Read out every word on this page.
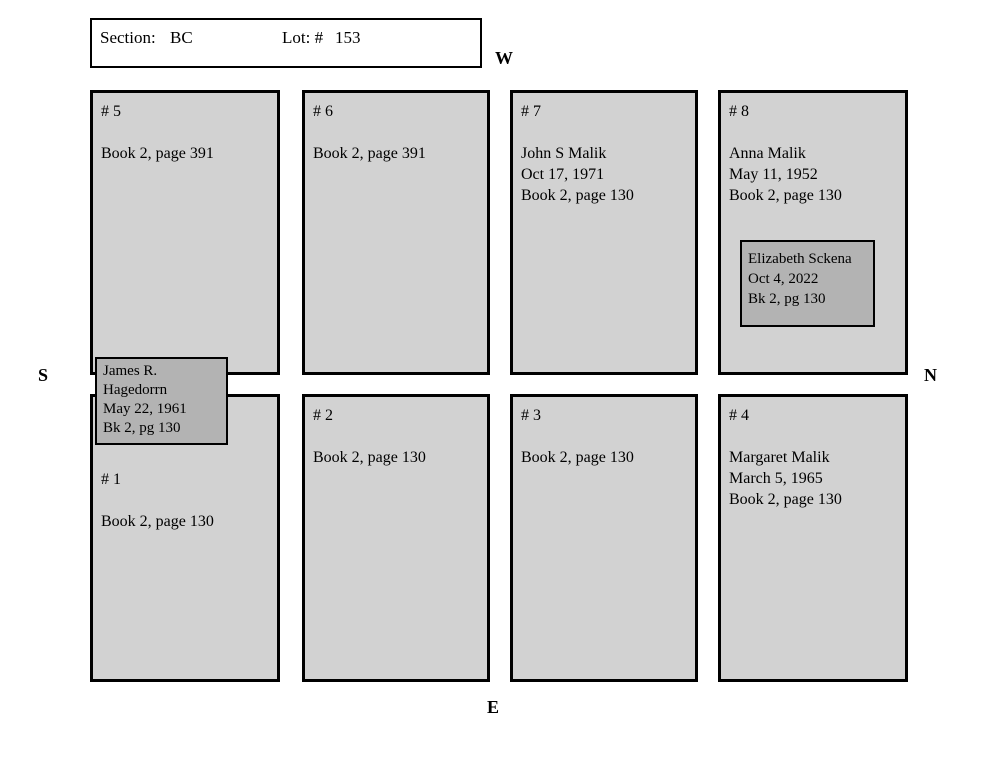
Section: BC	Lot: # 153
W
S	N
E
# 5
Book 2, page 391
# 6
Book 2, page 391
# 7
John S Malik
Oct 17, 1971
Book 2, page 130
# 8
Anna Malik
May 11, 1952
Book 2, page 130
# 1
Book 2, page 130
# 2
Book 2, page 130
# 3
Book 2, page 130
# 4
Margaret Malik
March 5, 1965
Book 2, page 130
James R.
Hagedorrn
May 22, 1961
Bk 2, pg 130
Elizabeth Sckena
Oct 4, 2022
Bk 2, pg 130
